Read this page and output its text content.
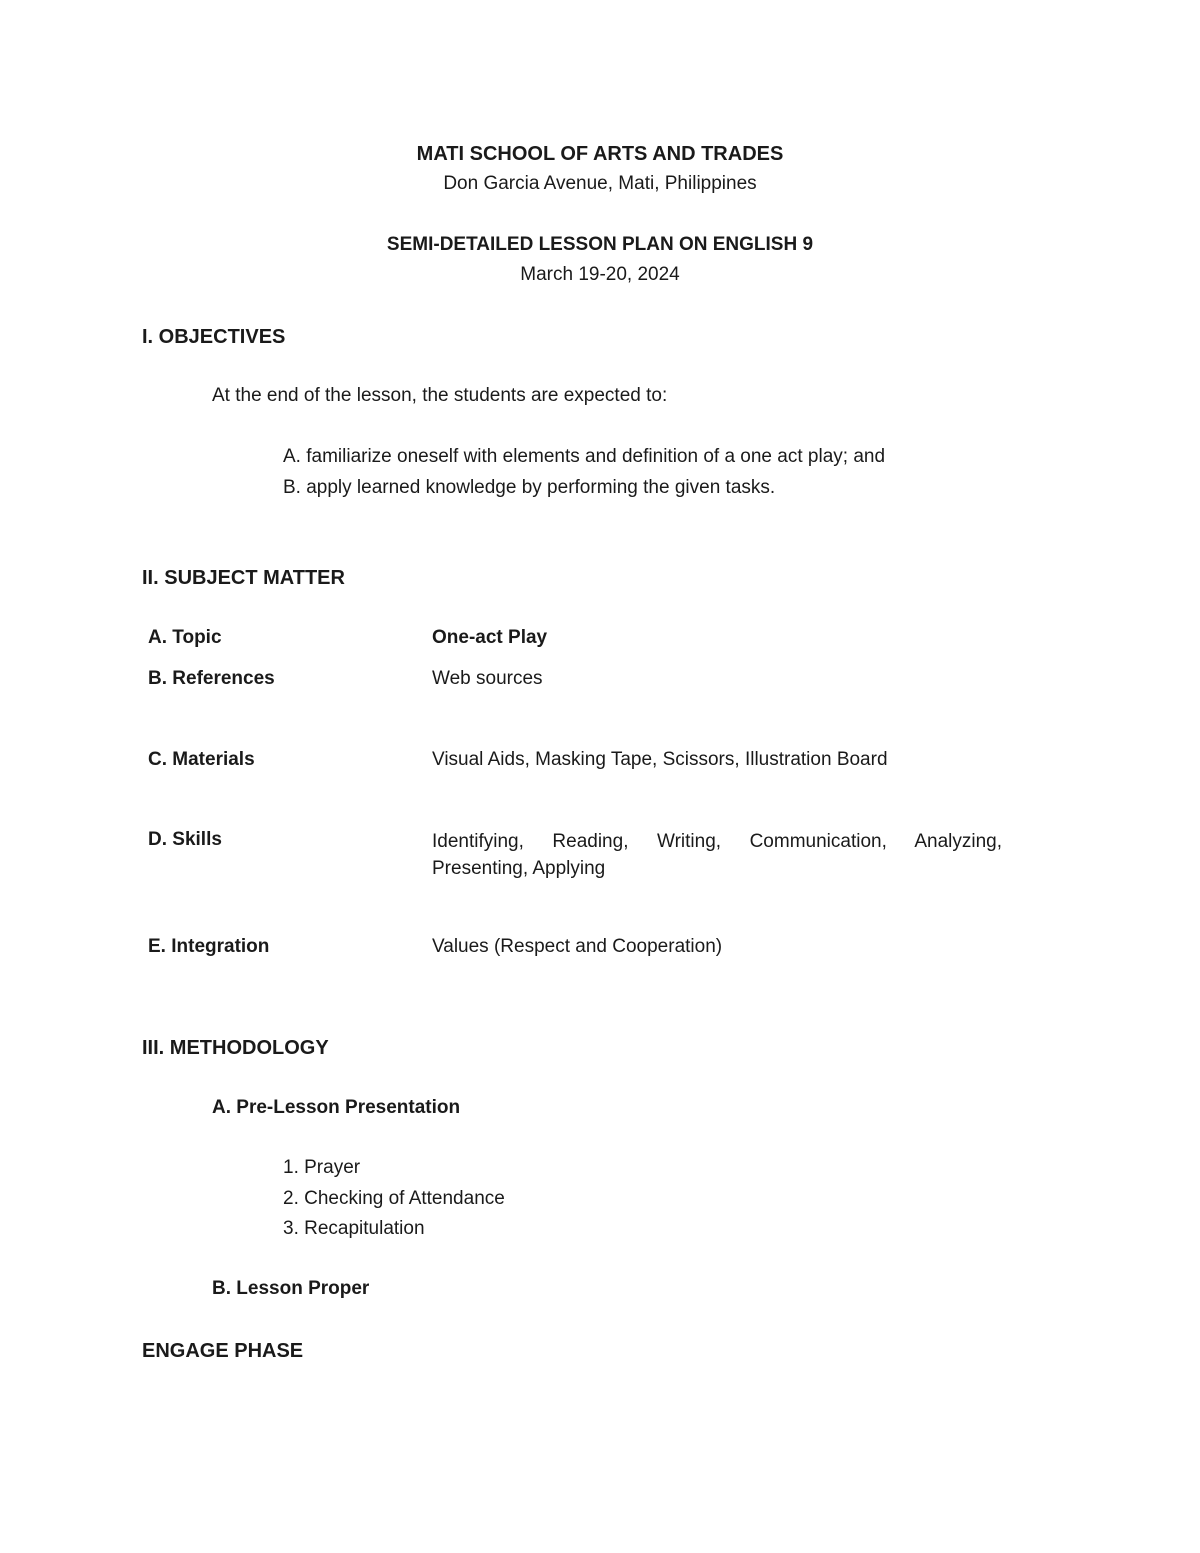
MATI SCHOOL OF ARTS AND TRADES
Don Garcia Avenue, Mati, Philippines
SEMI-DETAILED LESSON PLAN ON ENGLISH 9
March 19-20, 2024
I. OBJECTIVES
At the end of the lesson, the students are expected to:
A. familiarize oneself with elements and definition of a one act play; and
B. apply learned knowledge by performing the given tasks.
II. SUBJECT MATTER
A. Topic	One-act Play
B. References	Web sources
C. Materials	Visual Aids, Masking Tape, Scissors, Illustration Board
D. Skills	Identifying, Reading, Writing, Communication, Analyzing, Presenting, Applying
E. Integration	Values (Respect and Cooperation)
III. METHODOLOGY
A. Pre-Lesson Presentation
1. Prayer
2. Checking of Attendance
3. Recapitulation
B. Lesson Proper
ENGAGE PHASE
